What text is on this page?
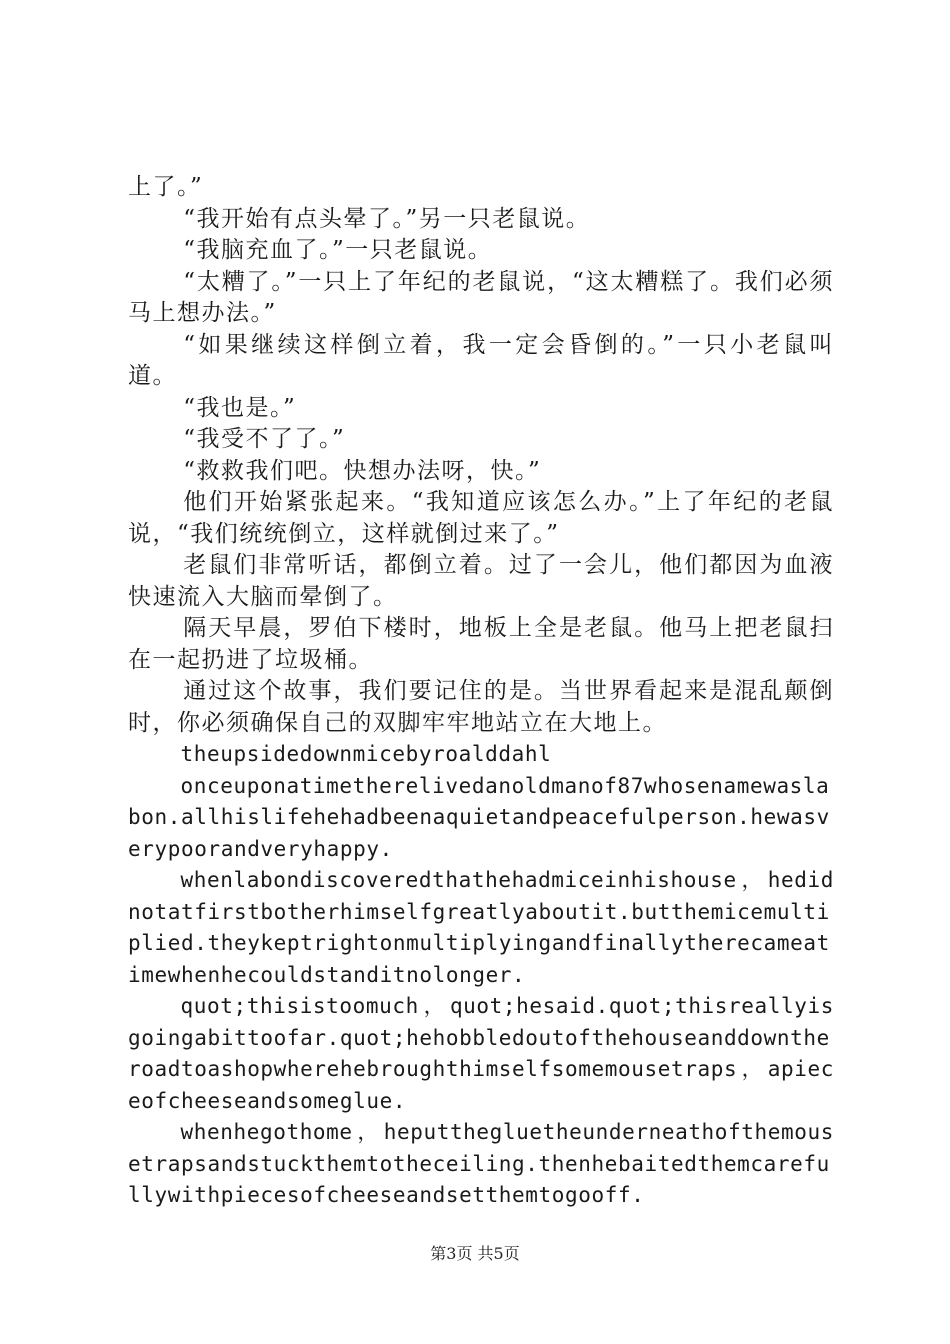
上了。”

“我开始有点头晕了。”另一只老鼠说。

“我脑充血了。”一只老鼠说。

“太糟了。”一只上了年纪的老鼠说，“这太糟糕了。我们必须马上想办法。”

“如果继续这样倒立着，我一定会昏倒的。”一只小老鼠叫道。

“我也是。”

“我受不了了。”

“救救我们吧。快想办法呀，快。”

他们开始紧张起来。“我知道应该怎么办。”上了年纪的老鼠说，“我们统统倒立，这样就倒过来了。”

老鼠们非常听话，都倒立着。过了一会儿，他们都因为血液快速流入大脑而晕倒了。

隔天早晨，罗伯下楼时，地板上全是老鼠。他马上把老鼠扫在一起扔进了垃圾桶。

通过这个故事，我们要记住的是。当世界看起来是混乱颠倒时，你必须确保自己的双脚牢牢地站立在大地上。

theupsidedownmicebyroalddahl

onceuponatimetherelivedanoldmanof87whosenamewaslabon.allhislifehehadbeenaquietandpeacefulperson.hewasverypoorandveryhappy.

whenlabondiscoveredthathehadmiceinhishouse，hedidnotatfirstbotherhimselfgreatlyaboutit.butthemicemultiplied.theykeptrightonmultiplyingandfinallytherecameatimewhenhecouldstanditnolonger.

quot;thisistoomuch，quot;hesaid.quot;thisreallyisgoingabittoofar.quot;hehobbledoutofthehouseanddowntheroadtoashopwherehebroughthimselfsomemousetraps，apieceofcheeseandsomeglue.

whenhegothome，heputthegluetheunderneathofthemousetrapsandstuckthemtotheceiling.thenhebaitedthemcarefullywithpiecesofcheeseandsetthemtogooff.

第3页 共5页
